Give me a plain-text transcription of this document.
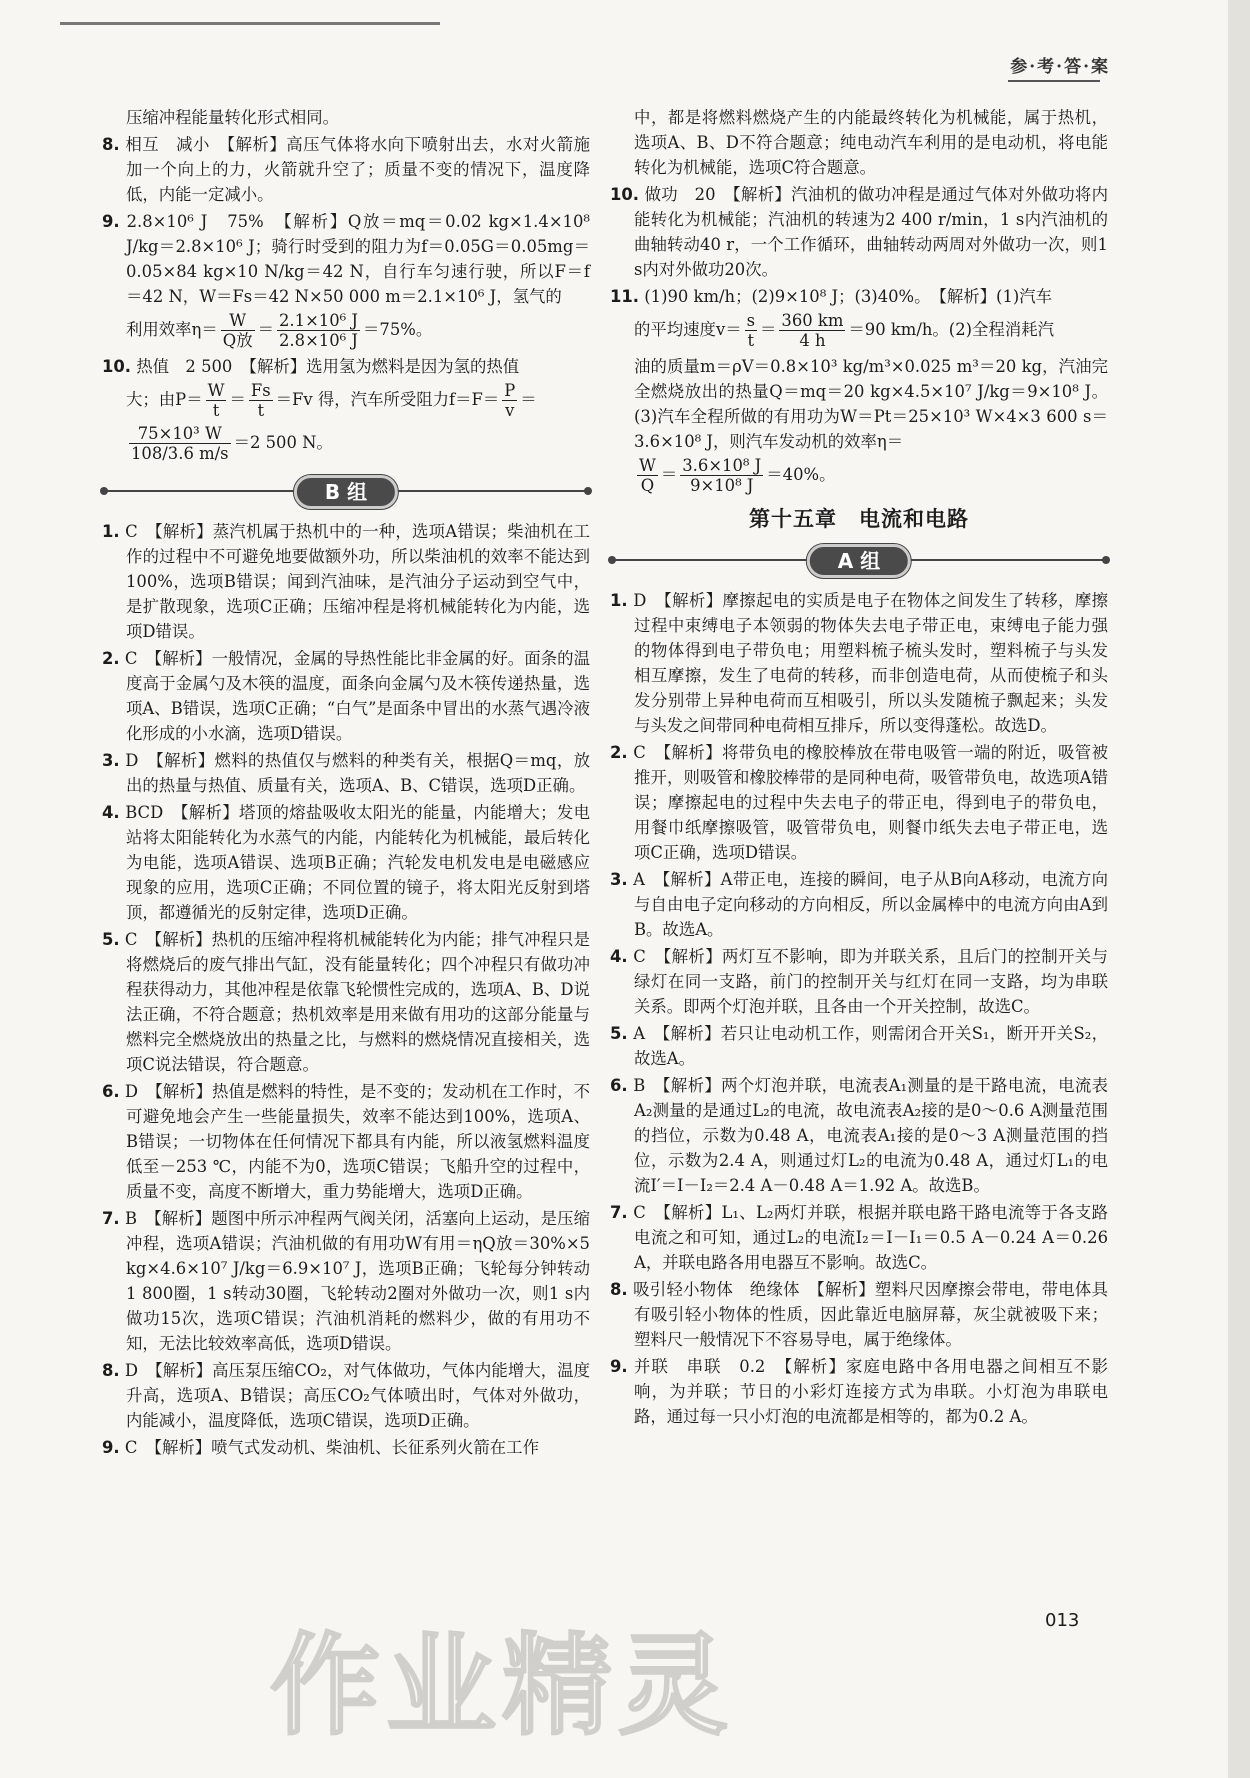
参·考·答·案

压缩冲程能量转化形式相同。

8. 相互　减小　【解析】高压气体将水向下喷射出去，水对火箭施加一个向上的力，火箭就升空了；质量不变的情况下，温度降低，内能一定减小。

9. 2.8×10⁶ J　75%　【解析】Q放＝mq＝0.02 kg×1.4×10⁸ J/kg＝2.8×10⁶ J；骑行时受到的阻力为f＝0.05G＝0.05mg＝0.05×84 kg×10 N/kg＝42 N，自行车匀速行驶，所以F＝f＝42 N，W＝Fs＝42 N×50 000 m＝2.1×10⁶ J，氢气的

利用效率$\eta= \frac{W}{\text{Q放}} = \frac{\text{2.1×10⁶ J}}{\text{2.8×10⁶ J}} =75\%$。

10. 热值　2 500　【解析】选用氢为燃料是因为氢的热值

大；由$P= \frac{W}{t} = \frac{Fs}{t} =Fv$ 得，汽车所受阻力$f=F= \frac{P}{v}$ ＝
$\frac{\text{75×10³ W}}{108/3.6 m/s} =2$ 500 N。
B 组

1. C　【解析】蒸汽机属于热机中的一种，选项A错误；柴油机在工作的过程中不可避免地要做额外功，所以柴油机的效率不能达到100%，选项B错误；闻到汽油味，是汽油分子运动到空气中，是扩散现象，选项C正确；压缩冲程是将机械能转化为内能，选项D错误。

2. C　【解析】一般情况，金属的导热性能比非金属的好。面条的温度高于金属勺及木筷的温度，面条向金属勺及木筷传递热量，选项A、B错误，选项C正确；“白气”是面条中冒出的水蒸气遇冷液化形成的小水滴，选项D错误。

3. D　【解析】燃料的热值仅与燃料的种类有关，根据Q＝mq，放出的热量与热值、质量有关，选项A、B、C错误，选项D正确。

4. BCD　【解析】塔顶的熔盐吸收太阳光的能量，内能增大；发电站将太阳能转化为水蒸气的内能，内能转化为机械能，最后转化为电能，选项A错误、选项B正确；汽轮发电机发电是电磁感应现象的应用，选项C正确；不同位置的镜子，将太阳光反射到塔顶，都遵循光的反射定律，选项D正确。

5. C　【解析】热机的压缩冲程将机械能转化为内能；排气冲程只是将燃烧后的废气排出气缸，没有能量转化；四个冲程只有做功冲程获得动力，其他冲程是依靠飞轮惯性完成的，选项A、B、D说法正确，不符合题意；热机效率是用来做有用功的这部分能量与燃料完全燃烧放出的热量之比，与燃料的燃烧情况直接相关，选项C说法错误，符合题意。

6. D　【解析】热值是燃料的特性，是不变的；发动机在工作时，不可避免地会产生一些能量损失，效率不能达到100%，选项A、B错误；一切物体在任何情况下都具有内能，所以液氢燃料温度低至－253 ℃，内能不为0，选项C错误；飞船升空的过程中，质量不变，高度不断增大，重力势能增大，选项D正确。

7. B　【解析】题图中所示冲程两气阀关闭，活塞向上运动，是压缩冲程，选项A错误；汽油机做的有用功W有用＝ηQ放＝30%×5 kg×4.6×10⁷ J/kg＝6.9×10⁷ J，选项B正确；飞轮每分钟转动1 800圈，1 s转动30圈，飞轮转动2圈对外做功一次，则1 s内做功15次，选项C错误；汽油机消耗的燃料少，做的有用功不知，无法比较效率高低，选项D错误。

8. D　【解析】高压泵压缩CO₂，对气体做功，气体内能增大，温度升高，选项A、B错误；高压CO₂气体喷出时，气体对外做功，内能减小，温度降低，选项C错误，选项D正确。

9. C　【解析】喷气式发动机、柴油机、长征系列火箭在工作

中，都是将燃料燃烧产生的内能最终转化为机械能，属于热机，选项A、B、D不符合题意；纯电动汽车利用的是电动机，将电能转化为机械能，选项C符合题意。

10. 做功　20　【解析】汽油机的做功冲程是通过气体对外做功将内能转化为机械能；汽油机的转速为2 400 r/min，1 s内汽油机的曲轴转动40 r，一个工作循环，曲轴转动两周对外做功一次，则1 s内对外做功20次。

11. (1)90 km/h；(2)9×10⁸ J；(3)40%。　【解析】(1)汽车

的平均速度$v= \frac{s}{t} = \frac{360 km}{4 h} =90$ km/h。(2)全程消耗汽

油的质量m＝ρV＝0.8×10³ kg/m³×0.025 m³＝20 kg，汽油完全燃烧放出的热量Q＝mq＝20 kg×4.5×10⁷ J/kg＝9×10⁸ J。(3)汽车全程所做的有用功为W＝Pt＝25×10³ W×4×3 600 s＝3.6×10⁸ J，则汽车发动机的效率η＝

$\frac{W}{Q} = \frac{\text{3.6×10⁸ J}}{\text{9×10⁸ J}} =40\%$。
第十五章　电流和电路
A 组

1. D　【解析】摩擦起电的实质是电子在物体之间发生了转移，摩擦过程中束缚电子本领弱的物体失去电子带正电，束缚电子能力强的物体得到电子带负电；用塑料梳子梳头发时，塑料梳子与头发相互摩擦，发生了电荷的转移，而非创造电荷，从而使梳子和头发分别带上异种电荷而互相吸引，所以头发随梳子飘起来；头发与头发之间带同种电荷相互排斥，所以变得蓬松。故选D。

2. C　【解析】将带负电的橡胶棒放在带电吸管一端的附近，吸管被推开，则吸管和橡胶棒带的是同种电荷，吸管带负电，故选项A错误；摩擦起电的过程中失去电子的带正电，得到电子的带负电，用餐巾纸摩擦吸管，吸管带负电，则餐巾纸失去电子带正电，选项C正确，选项D错误。

3. A　【解析】A带正电，连接的瞬间，电子从B向A移动，电流方向与自由电子定向移动的方向相反，所以金属棒中的电流方向由A到B。故选A。

4. C　【解析】两灯互不影响，即为并联关系，且后门的控制开关与绿灯在同一支路，前门的控制开关与红灯在同一支路，均为串联关系。即两个灯泡并联，且各由一个开关控制，故选C。

5. A　【解析】若只让电动机工作，则需闭合开关S₁，断开开关S₂，故选A。

6. B　【解析】两个灯泡并联，电流表A₁测量的是干路电流，电流表A₂测量的是通过L₂的电流，故电流表A₂接的是0～0.6 A测量范围的挡位，示数为0.48 A，电流表A₁接的是0～3 A测量范围的挡位，示数为2.4 A，则通过灯L₂的电流为0.48 A，通过灯L₁的电流I′＝I－I₂＝2.4 A－0.48 A＝1.92 A。故选B。

7. C　【解析】L₁、L₂两灯并联，根据并联电路干路电流等于各支路电流之和可知，通过L₂的电流I₂＝I－I₁＝0.5 A－0.24 A＝0.26 A，并联电路各用电器互不影响。故选C。

8. 吸引轻小物体　绝缘体　【解析】塑料尺因摩擦会带电，带电体具有吸引轻小物体的性质，因此靠近电脑屏幕，灰尘就被吸下来；塑料尺一般情况下不容易导电，属于绝缘体。

9. 并联　串联　0.2　【解析】家庭电路中各用电器之间相互不影响，为并联；节日的小彩灯连接方式为串联。小灯泡为串联电路，通过每一只小灯泡的电流都是相等的，都为0.2 A。

013
作业精灵
